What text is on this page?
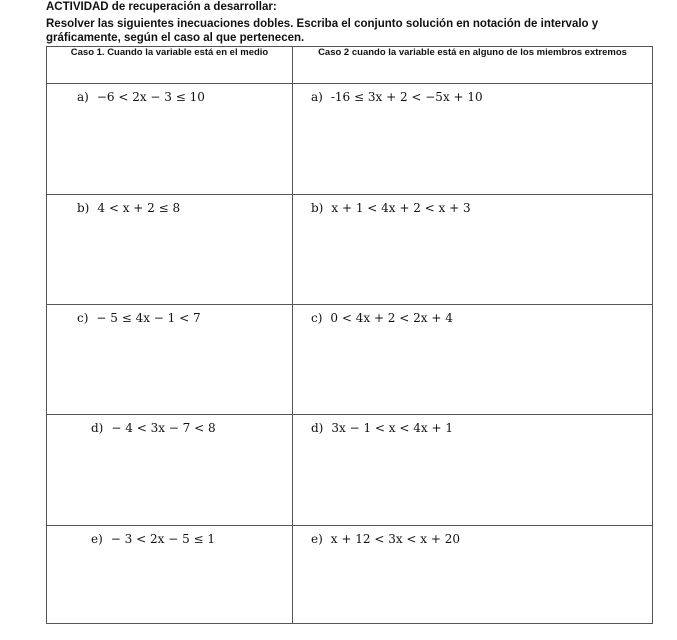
ACTIVIDAD de recuperación a desarrollar:
Resolver las siguientes inecuaciones dobles. Escriba el conjunto solución en notación de intervalo y gráficamente, según el caso al que pertenecen.
Caso 1. Cuando la variable está en el medio	Caso 2 cuando la variable está en alguno de los miembros extremos

a) −6 < 2x − 3 ≤ 10	a) -16 ≤ 3x + 2 < −5x + 10

b) 4 < x + 2 ≤ 8	b) x + 1 < 4x + 2 < x + 3

c) − 5 ≤ 4x − 1 < 7	c) 0 < 4x + 2 < 2x + 4

d) − 4 < 3x − 7 < 8	d) 3x − 1 < x < 4x + 1

e) − 3 < 2x − 5 ≤ 1	e) x + 12 < 3x < x + 20
